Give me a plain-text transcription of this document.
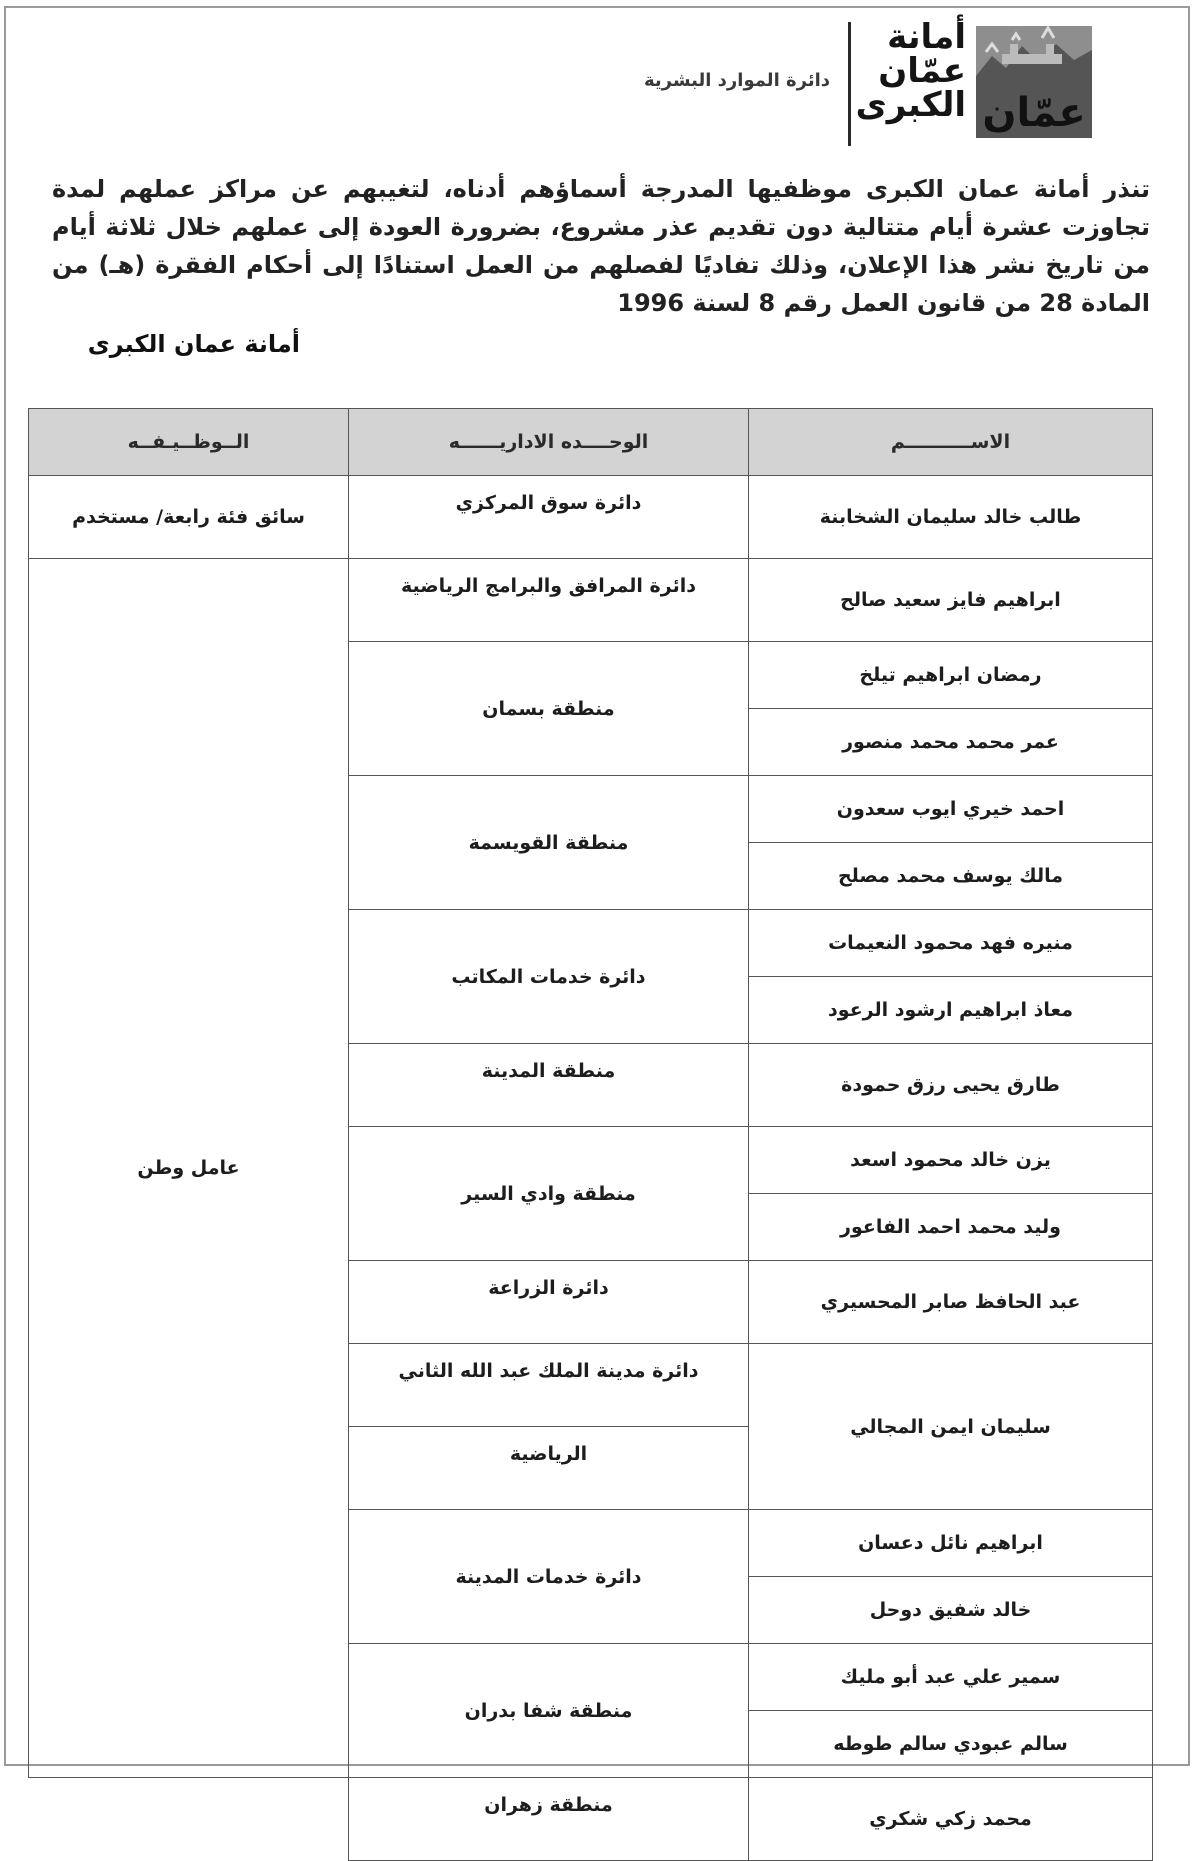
عمّان
أمانة
عمّان
الكبرى
دائرة الموارد البشرية
تنذر أمانة عمان الكبرى موظفيها المدرجة أسماؤهم أدناه، لتغيبهم عن مراكز عملهم لمدة تجاوزت عشرة أيام متتالية دون تقديم عذر مشروع، بضرورة العودة إلى عملهم خلال ثلاثة أيام من تاريخ نشر هذا الإعلان، وذلك تفاديًا لفصلهم من العمل استنادًا إلى أحكام الفقرة (هـ) من المادة 28 من قانون العمل رقم 8 لسنة 1996
أمانة عمان الكبرى
الاســــــــــم	الوحــــده الاداريــــــه	الــوظــيـفــه
طالب خالد سليمان الشخابنة	دائرة سوق المركزي	سائق فئة رابعة/ مستخدم
ابراهيم فايز سعيد صالح	دائرة المرافق والبرامج الرياضية	عامل وطن
رمضان ابراهيم تيلخ	منطقة بسمان	
عمر محمد محمد منصور		
احمد خيري ايوب سعدون	منطقة القويسمة	
مالك يوسف محمد مصلح		
منيره فهد محمود النعيمات	دائرة خدمات المكاتب	
معاذ ابراهيم ارشود الرعود		
طارق يحيى رزق حمودة	منطقة المدينة	
يزن خالد محمود اسعد	منطقة وادي السير	
وليد محمد احمد الفاعور		
عبد الحافظ صابر المحسيري	دائرة الزراعة	
سليمان ايمن المجالي	دائرة مدينة الملك عبد الله الثاني	
	الرياضية	
ابراهيم نائل دعسان	دائرة خدمات المدينة	
خالد شفيق دوحل		
سمير علي عبد أبو مليك	منطقة شفا بدران	
سالم عبودي سالم طوطه		
محمد زكي شكري	منطقة زهران	
